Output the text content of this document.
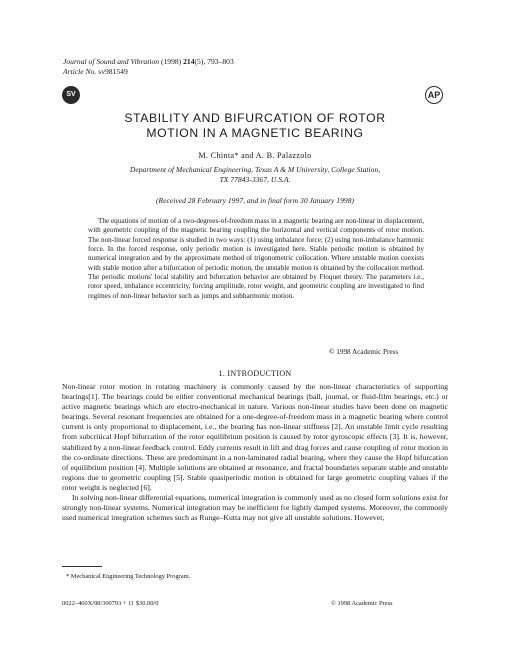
Journal of Sound and Vibration (1998) 214(5), 793–803
Article No. sv981549
SV	AP
STABILITY AND BIFURCATION OF ROTOR
MOTION IN A MAGNETIC BEARING
M. Chinta* and A. B. Palazzolo
Department of Mechanical Engineering, Texas A & M University, College Station,
TX 77843-3367, U.S.A.
(Received 28 February 1997, and in final form 30 January 1998)

The equations of motion of a two-degrees-of-freedom mass in a magnetic bearing are non-linear in displacement, with geometric coupling of the magnetic bearing coupling the horizontal and vertical components of rotor motion. The non-linear forced response is studied in two ways: (1) using imbalance force; (2) using non-imbalance harmonic force. In the forced response, only periodic motion is investigated here. Stable periodic motion is obtained by numerical integration and by the approximate method of trigonometric collocation. Where unstable motion coexists with stable motion after a bifurcation of periodic motion, the unstable motion is obtained by the collocation method. The periodic motions' local stability and bifurcation behavior are obtained by Floquet theory. The parameters i.e., rotor speed, imbalance eccentricity, forcing amplitude, rotor weight, and geometric coupling are investigated to find regimes of non-linear behavior such as jumps and subharmonic motion.

© 1998 Academic Press
1. INTRODUCTION

Non-linear rotor motion in rotating machinery is commonly caused by the non-linear characteristics of supporting bearings[1]. The bearings could be either conventional mechanical bearings (ball, journal, or fluid-film bearings, etc.) or active magnetic bearings which are electro-mechanical in nature. Various non-linear studies have been done on magnetic bearings. Several resonant frequencies are obtained for a one-degree-of-freedom mass in a magnetic bearing where control current is only proportional to displacement, i.e., the bearing has non-linear stiffness [2]. An unstable limit cycle resulting from subcritical Hopf bifurcation of the rotor equilibrium position is caused by rotor gyroscopic effects [3]. It is, however, stabilized by a non-linear feedback control. Eddy currents result in lift and drag forces and cause coupling of rotor motion in the co-ordinate directions. These are predominant in a non-laminated radial bearing, where they cause the Hopf bifurcation of equilibrium position [4]. Multiple solutions are obtained at resonance, and fractal boundaries separate stable and unstable regions due to geometric coupling [5]. Stable quasiperiodic motion is obtained for large geometric coupling values if the rotor weight is neglected [6].

In solving non-linear differential equations, numerical integration is commonly used as no closed form solutions exist for strongly non-linear systems. Numerical integration may be inefficient for lightly damped systems. Moreover, the commonly used numerical integration schemes such as Runge–Kutta may not give all unstable solutions. However,

* Mechanical Engineering Technology Program.
0022–460X/98/300793 + 11 $30.00/0	© 1998 Academic Press
